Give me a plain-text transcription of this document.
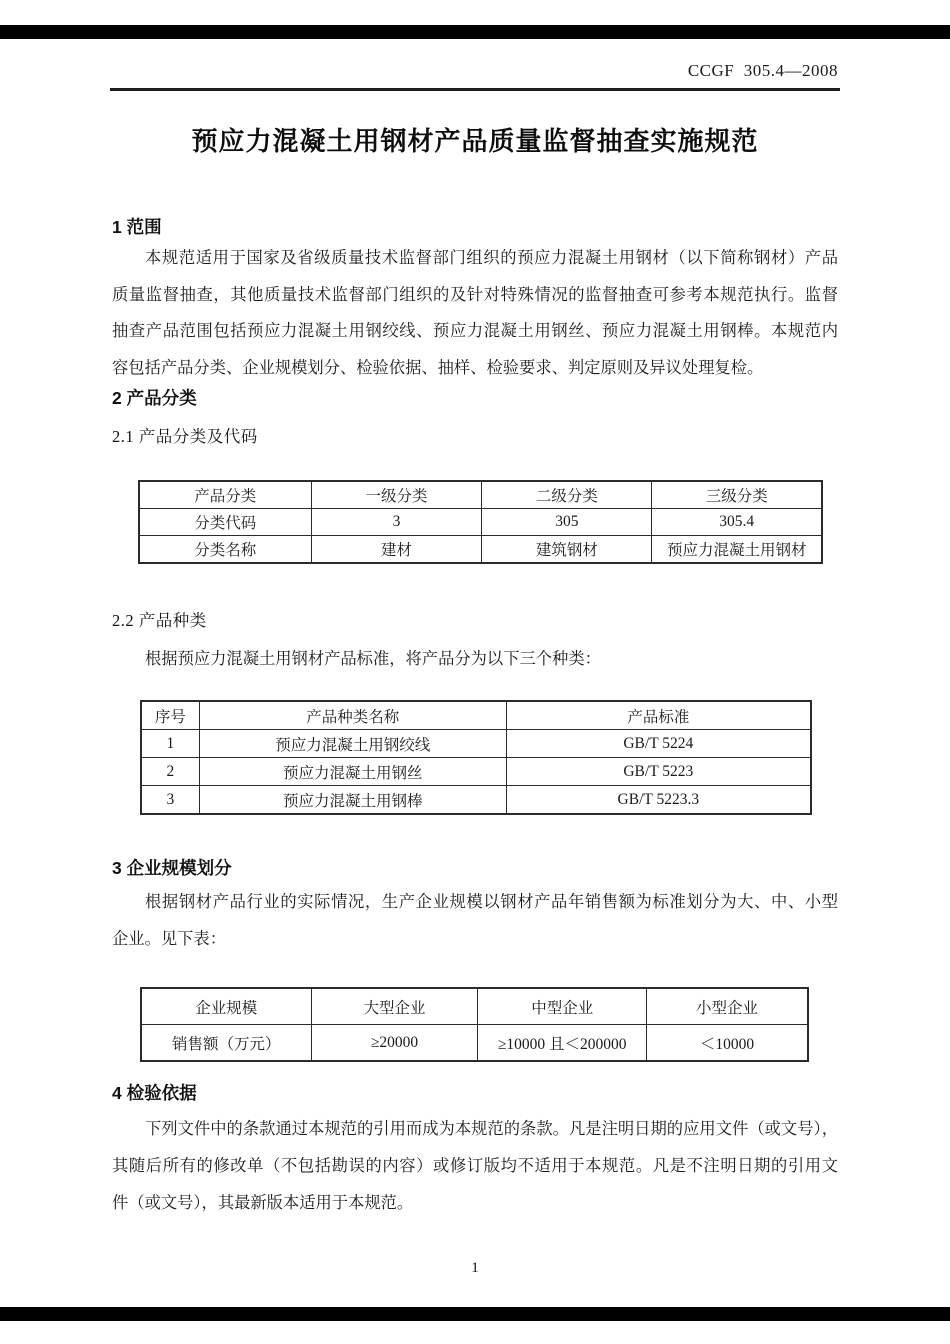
CCGF  305.4—2008
预应力混凝土用钢材产品质量监督抽查实施规范
1 范围
本规范适用于国家及省级质量技术监督部门组织的预应力混凝土用钢材（以下简称钢材）产品
质量监督抽查，其他质量技术监督部门组织的及针对特殊情况的监督抽查可参考本规范执行。监督
抽查产品范围包括预应力混凝土用钢绞线、预应力混凝土用钢丝、预应力混凝土用钢棒。本规范内
容包括产品分类、企业规模划分、检验依据、抽样、检验要求、判定原则及异议处理复检。
2 产品分类
2.1 产品分类及代码
产品分类	一级分类	二级分类	三级分类
分类代码	3	305	305.4
分类名称	建材	建筑钢材	预应力混凝土用钢材
2.2 产品种类
根据预应力混凝土用钢材产品标准，将产品分为以下三个种类：
序号	产品种类名称	产品标准
1	预应力混凝土用钢绞线	GB/T 5224
2	预应力混凝土用钢丝	GB/T 5223
3	预应力混凝土用钢棒	GB/T 5223.3
3 企业规模划分
根据钢材产品行业的实际情况，生产企业规模以钢材产品年销售额为标准划分为大、中、小型
企业。见下表：
企业规模	大型企业	中型企业	小型企业
销售额（万元）	≥20000	≥10000 且＜200000	＜10000
4 检验依据
下列文件中的条款通过本规范的引用而成为本规范的条款。凡是注明日期的应用文件（或文号），
其随后所有的修改单（不包括勘误的内容）或修订版均不适用于本规范。凡是不注明日期的引用文
件（或文号），其最新版本适用于本规范。
1
